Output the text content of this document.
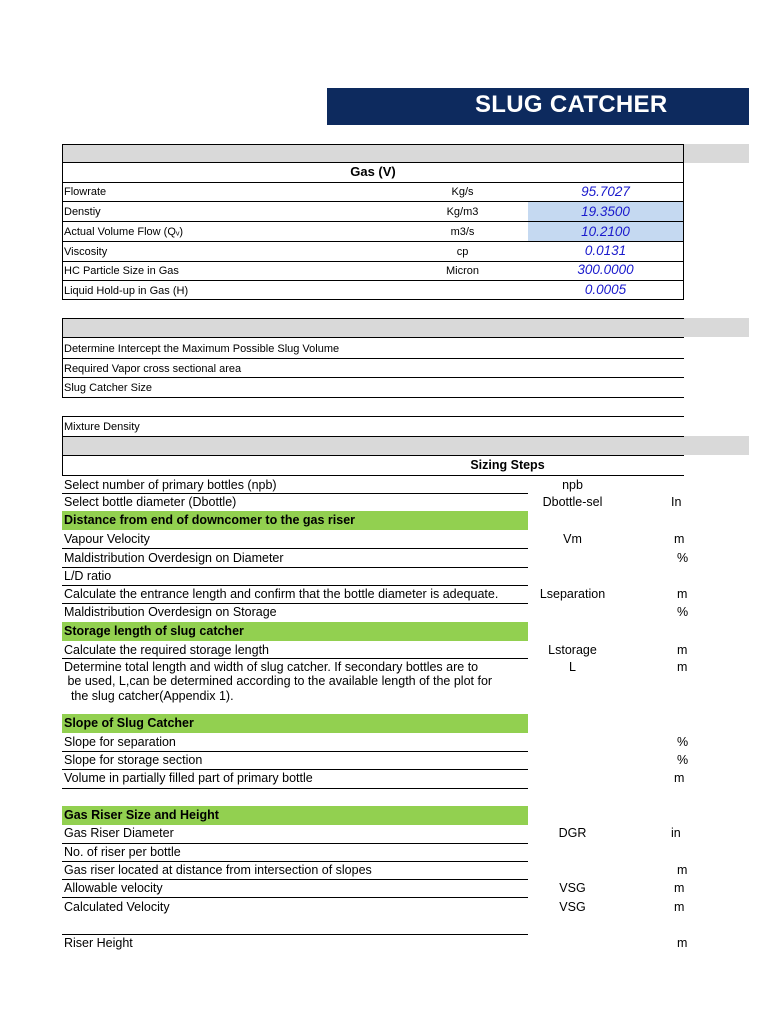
SLUG CATCHER
Gas (V)
Flowrate	Kg/s	95.7027
Denstiy	Kg/m3	19.3500
Actual Volume Flow (Qᵥ)	m3/s	10.2100
Viscosity	cp	0.0131
HC Particle Size in Gas	Micron	300.0000
Liquid Hold-up in Gas (H)	0.0005
Determine Intercept the Maximum Possible Slug Volume
Required Vapor cross sectional area
Slug Catcher Size
Mixture Density
Sizing Steps
Select number of primary bottles (npb)	npb
Select bottle diameter (Dbottle)	Dbottle-sel	In
Distance from end of downcomer to the gas riser
Vapour Velocity	Vm	m
Maldistribution Overdesign on Diameter	%
L/D ratio
Calculate the entrance length and confirm that the bottle diameter is adequate.	Lseparation	m
Maldistribution Overdesign on Storage	%
Storage length of slug catcher
Calculate the required storage length	Lstorage	m
Determine total length and width of slug catcher. If secondary bottles are to	L	m
be used, L,can be determined according to the available length of the plot for
the slug catcher(Appendix 1).
Slope of Slug Catcher
Slope for separation	%
Slope for storage section	%
Volume in partially filled part of primary bottle	m
Gas Riser Size and Height
Gas Riser Diameter	DGR	in
No. of riser per bottle
Gas riser located at distance from intersection of slopes	m
Allowable velocity	VSG	m
Calculated Velocity	VSG	m
Riser Height	m
